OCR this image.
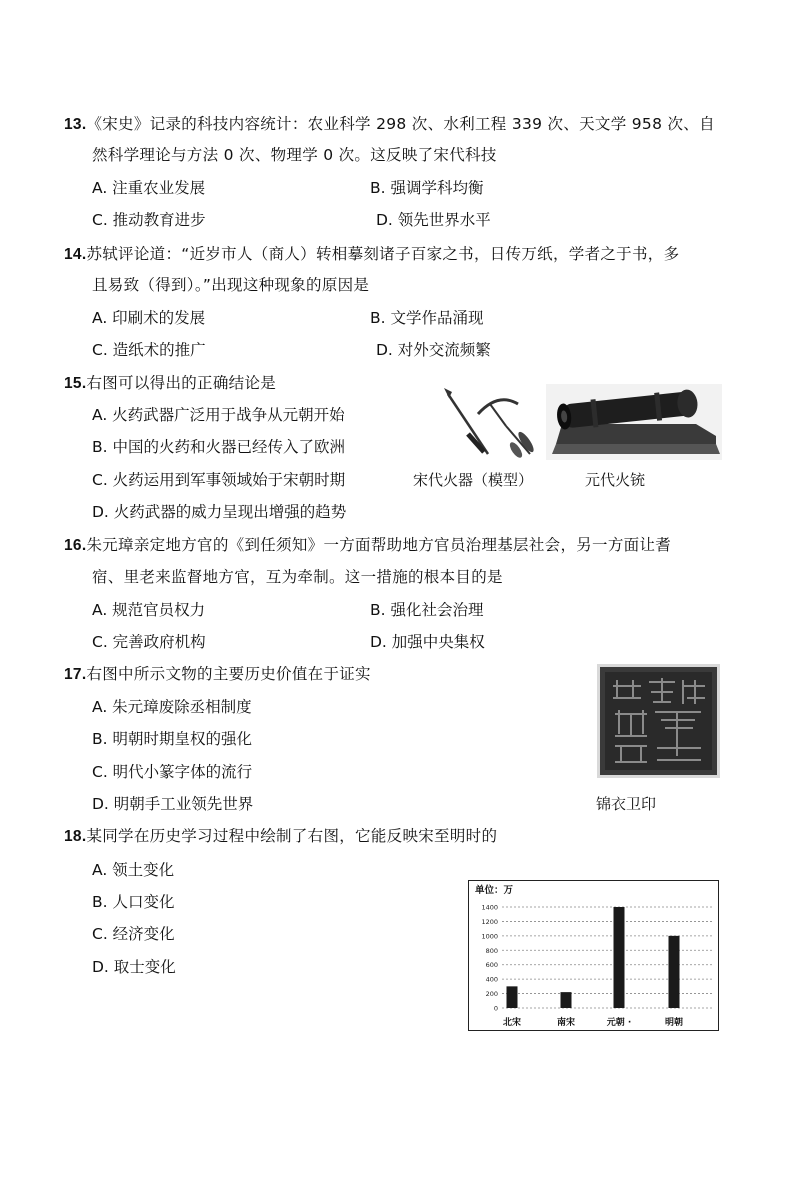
13.《宋史》记录的科技内容统计：农业科学 298 次、水利工程 339 次、天文学 958 次、自
然科学理论与方法 0 次、物理学 0 次。这反映了宋代科技
A. 注重农业发展	B. 强调学科均衡
C. 推动教育进步	D. 领先世界水平
14.苏轼评论道：“近岁市人（商人）转相摹刻诸子百家之书，日传万纸，学者之于书，多
且易致（得到）。”出现这种现象的原因是
A. 印刷术的发展	B. 文学作品涌现
C. 造纸术的推广	D. 对外交流频繁
15.右图可以得出的正确结论是
A. 火药武器广泛用于战争从元朝开始
B. 中国的火药和火器已经传入了欧洲
C. 火药运用到军事领域始于宋朝时期
D. 火药武器的威力呈现出增强的趋势
宋代火器（模型）	元代火铳
16.朱元璋亲定地方官的《到任须知》一方面帮助地方官员治理基层社会，另一方面让耆
宿、里老来监督地方官，互为牵制。这一措施的根本目的是
A. 规范官员权力	B. 强化社会治理
C. 完善政府机构	D. 加强中央集权
17.右图中所示文物的主要历史价值在于证实
A. 朱元璋废除丞相制度
B. 明朝时期皇权的强化
C. 明代小篆字体的流行
D. 明朝手工业领先世界	锦衣卫印
18.某同学在历史学习过程中绘制了右图，它能反映宋至明时的
A. 领土变化
B. 人口变化
C. 经济变化
D. 取士变化
单位：万
0
200
400
600
800
1000
1200
1400
北宋	南宋	元朝 ·	明朝
